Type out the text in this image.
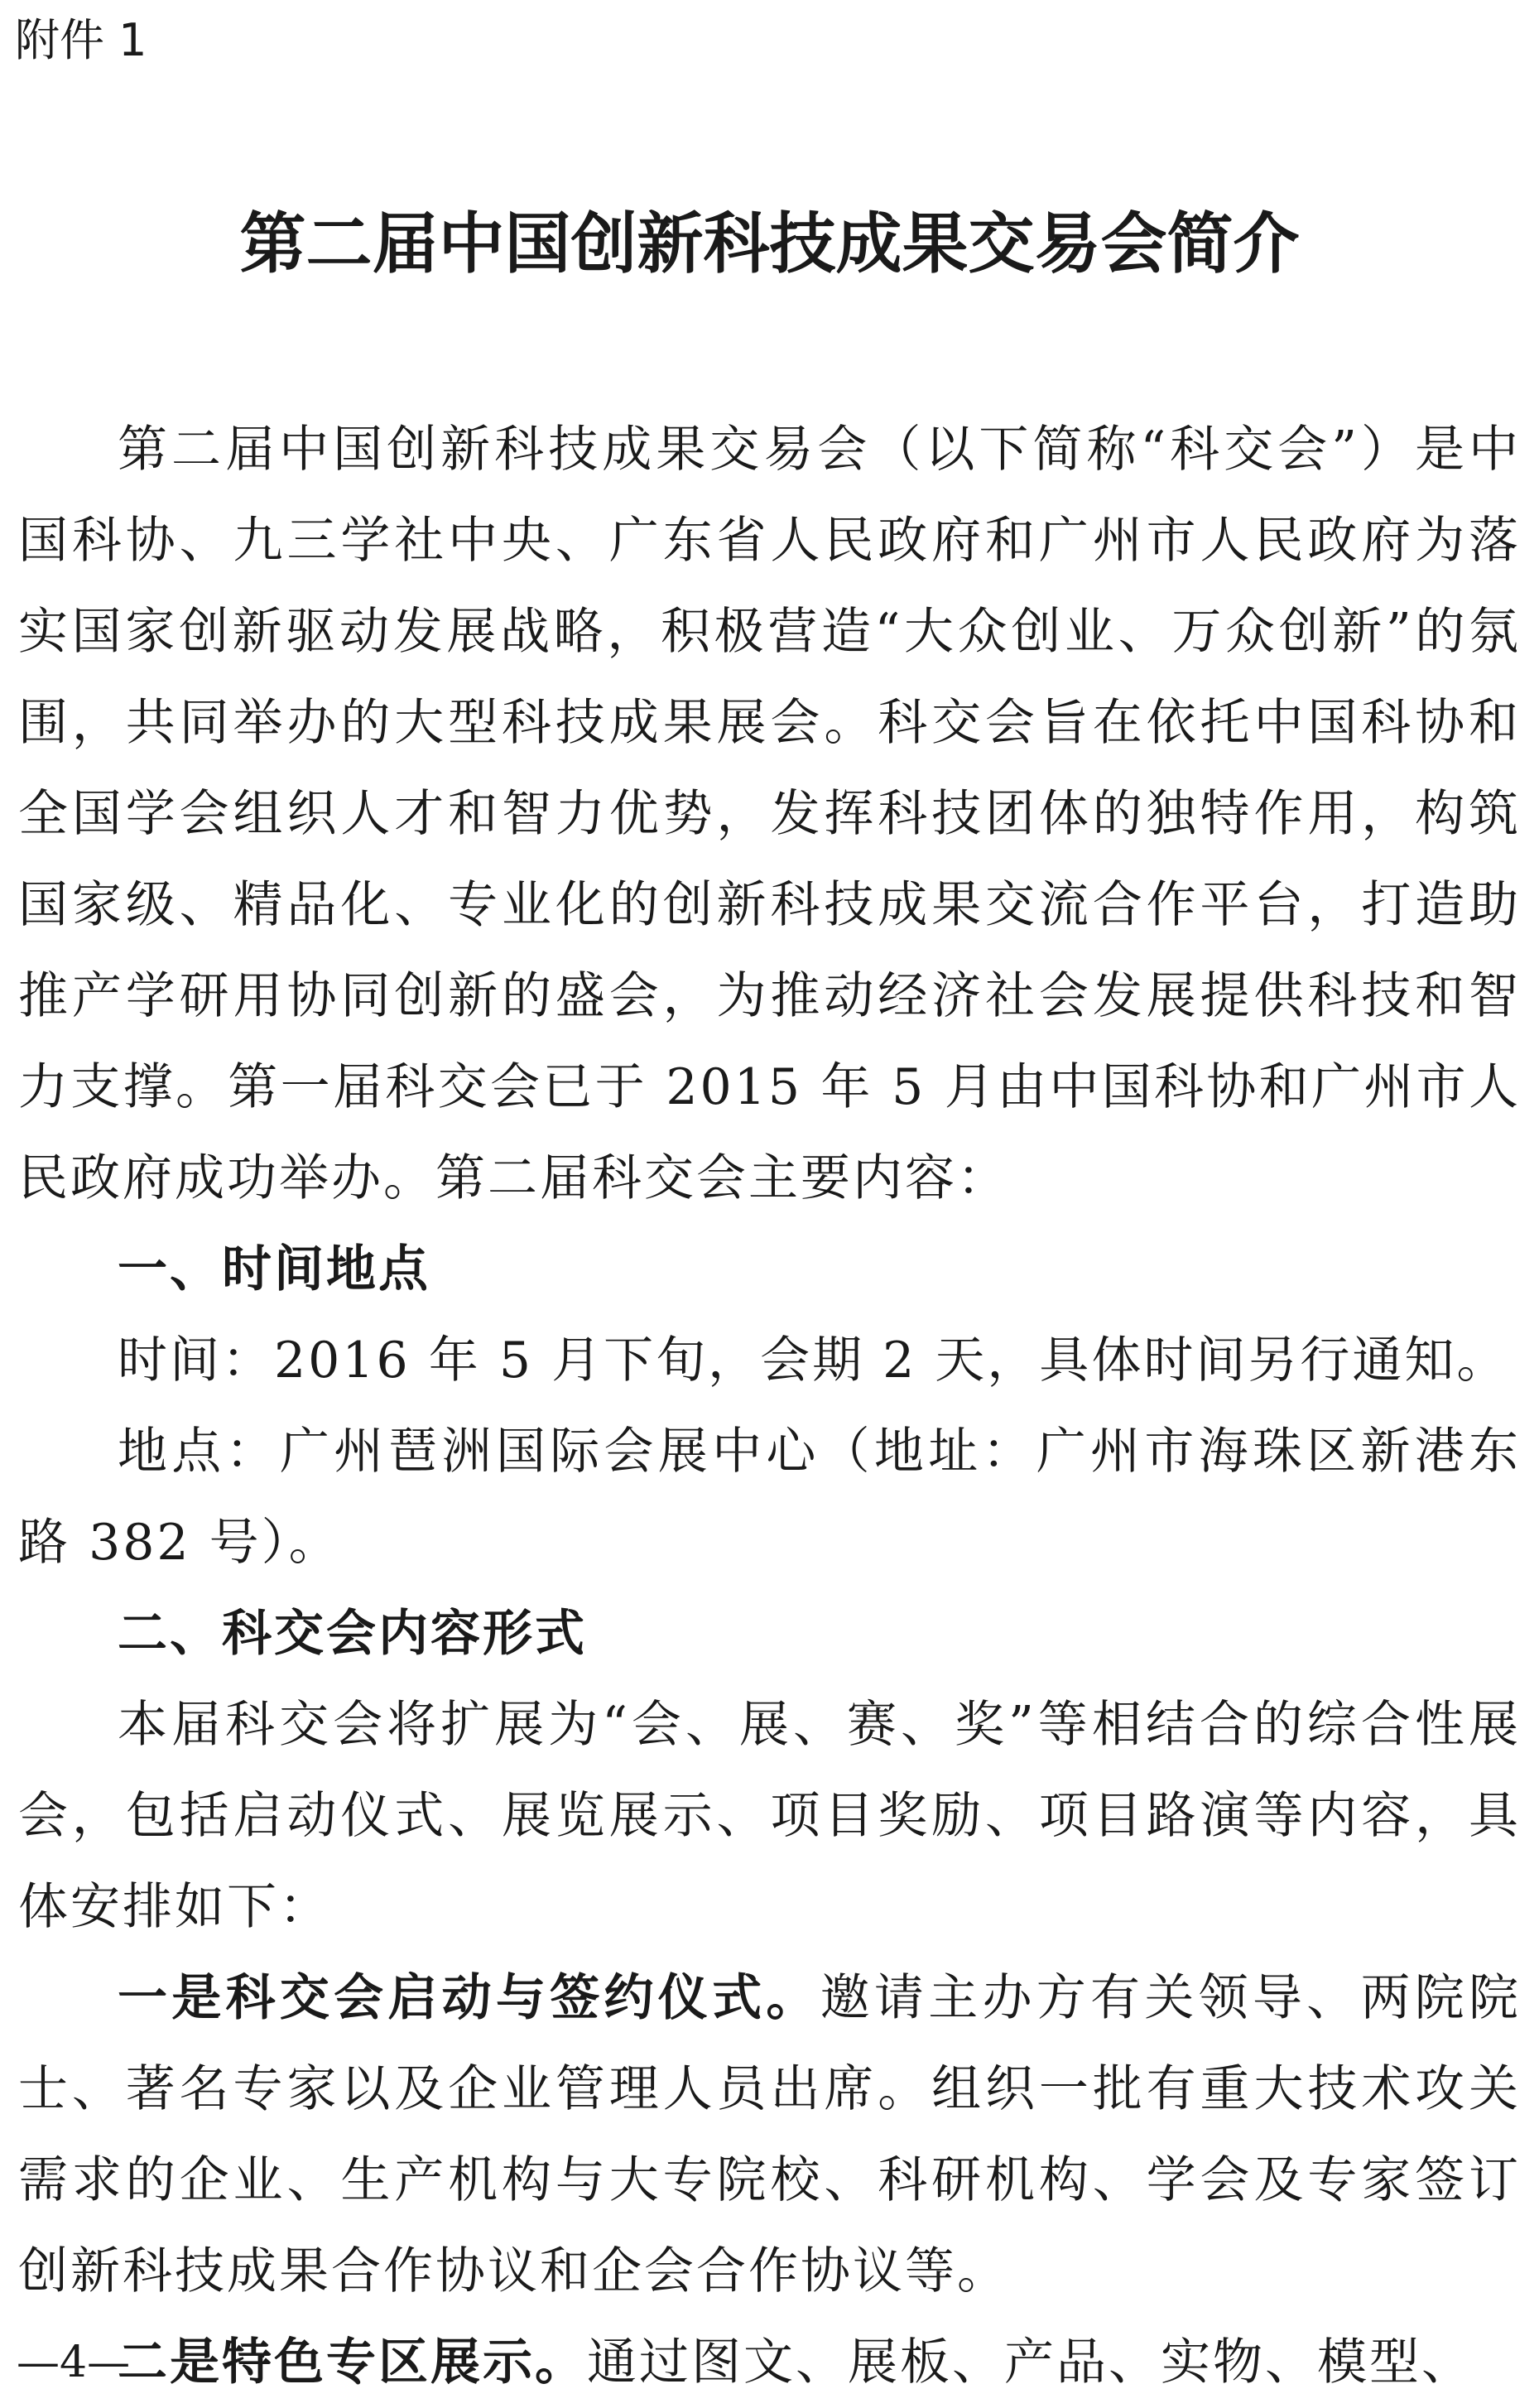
附件 1

第二届中国创新科技成果交易会简介

第二届中国创新科技成果交易会（以下简称“科交会”）是中国科协、九三学社中央、广东省人民政府和广州市人民政府为落实国家创新驱动发展战略，积极营造“大众创业、万众创新”的氛围，共同举办的大型科技成果展会。科交会旨在依托中国科协和全国学会组织人才和智力优势，发挥科技团体的独特作用，构筑国家级、精品化、专业化的创新科技成果交流合作平台，打造助推产学研用协同创新的盛会，为推动经济社会发展提供科技和智力支撑。第一届科交会已于 2015 年 5 月由中国科协和广州市人民政府成功举办。第二届科交会主要内容：

一、时间地点

时间：2016 年 5 月下旬，会期 2 天，具体时间另行通知。

地点：广州琶洲国际会展中心（地址：广州市海珠区新港东路 382 号）。

二、科交会内容形式

本届科交会将扩展为“会、展、赛、奖”等相结合的综合性展会，包括启动仪式、展览展示、项目奖励、项目路演等内容，具体安排如下：

一是科交会启动与签约仪式。邀请主办方有关领导、两院院士、著名专家以及企业管理人员出席。组织一批有重大技术攻关需求的企业、生产机构与大专院校、科研机构、学会及专家签订创新科技成果合作协议和企会合作协议等。

二是特色专区展示。通过图文、展板、产品、实物、模型、

—4—
